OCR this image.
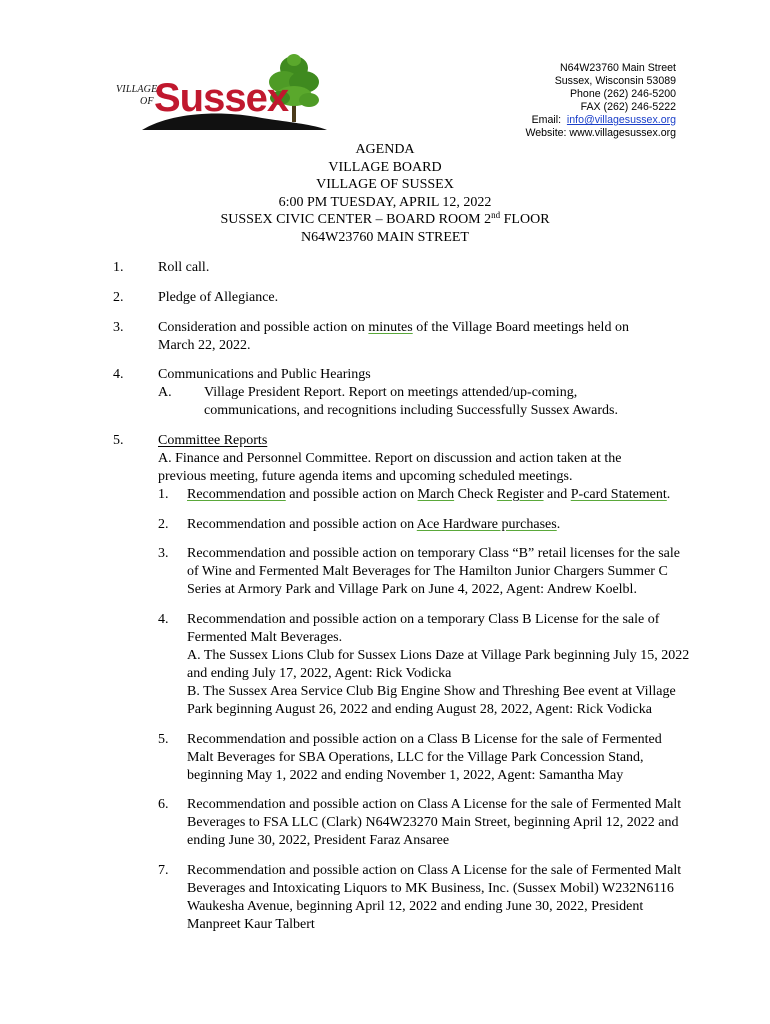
VILLAGE
OF Sussex
N64W23760 Main Street
Sussex, Wisconsin 53089
Phone (262) 246-5200
FAX (262) 246-5222
Email: info@villagesussex.org
Website: www.villagesussex.org
AGENDA
VILLAGE BOARD
VILLAGE OF SUSSEX
6:00 PM TUESDAY, APRIL 12, 2022
SUSSEX CIVIC CENTER – BOARD ROOM 2nd FLOOR
N64W23760 MAIN STREET
1. Roll call.
2. Pledge of Allegiance.
3. Consideration and possible action on minutes of the Village Board meetings held on
March 22, 2022.
4. Communications and Public Hearings
A. Village President Report. Report on meetings attended/up-coming,
communications, and recognitions including Successfully Sussex Awards.
5. Committee Reports
A. Finance and Personnel Committee. Report on discussion and action taken at the
previous meeting, future agenda items and upcoming scheduled meetings.
1. Recommendation and possible action on March Check Register and P-card Statement.
2. Recommendation and possible action on Ace Hardware purchases.
3. Recommendation and possible action on temporary Class “B” retail licenses for the sale
of Wine and Fermented Malt Beverages for The Hamilton Junior Chargers Summer C
Series at Armory Park and Village Park on June 4, 2022, Agent: Andrew Koelbl.
4. Recommendation and possible action on a temporary Class B License for the sale of
Fermented Malt Beverages.
A. The Sussex Lions Club for Sussex Lions Daze at Village Park beginning July 15, 2022
and ending July 17, 2022, Agent: Rick Vodicka
B. The Sussex Area Service Club Big Engine Show and Threshing Bee event at Village
Park beginning August 26, 2022 and ending August 28, 2022, Agent: Rick Vodicka
5. Recommendation and possible action on a Class B License for the sale of Fermented
Malt Beverages for SBA Operations, LLC for the Village Park Concession Stand,
beginning May 1, 2022 and ending November 1, 2022, Agent: Samantha May
6. Recommendation and possible action on Class A License for the sale of Fermented Malt
Beverages to FSA LLC (Clark) N64W23270 Main Street, beginning April 12, 2022 and
ending June 30, 2022, President Faraz Ansaree
7. Recommendation and possible action on Class A License for the sale of Fermented Malt
Beverages and Intoxicating Liquors to MK Business, Inc. (Sussex Mobil) W232N6116
Waukesha Avenue, beginning April 12, 2022 and ending June 30, 2022, President
Manpreet Kaur Talbert
